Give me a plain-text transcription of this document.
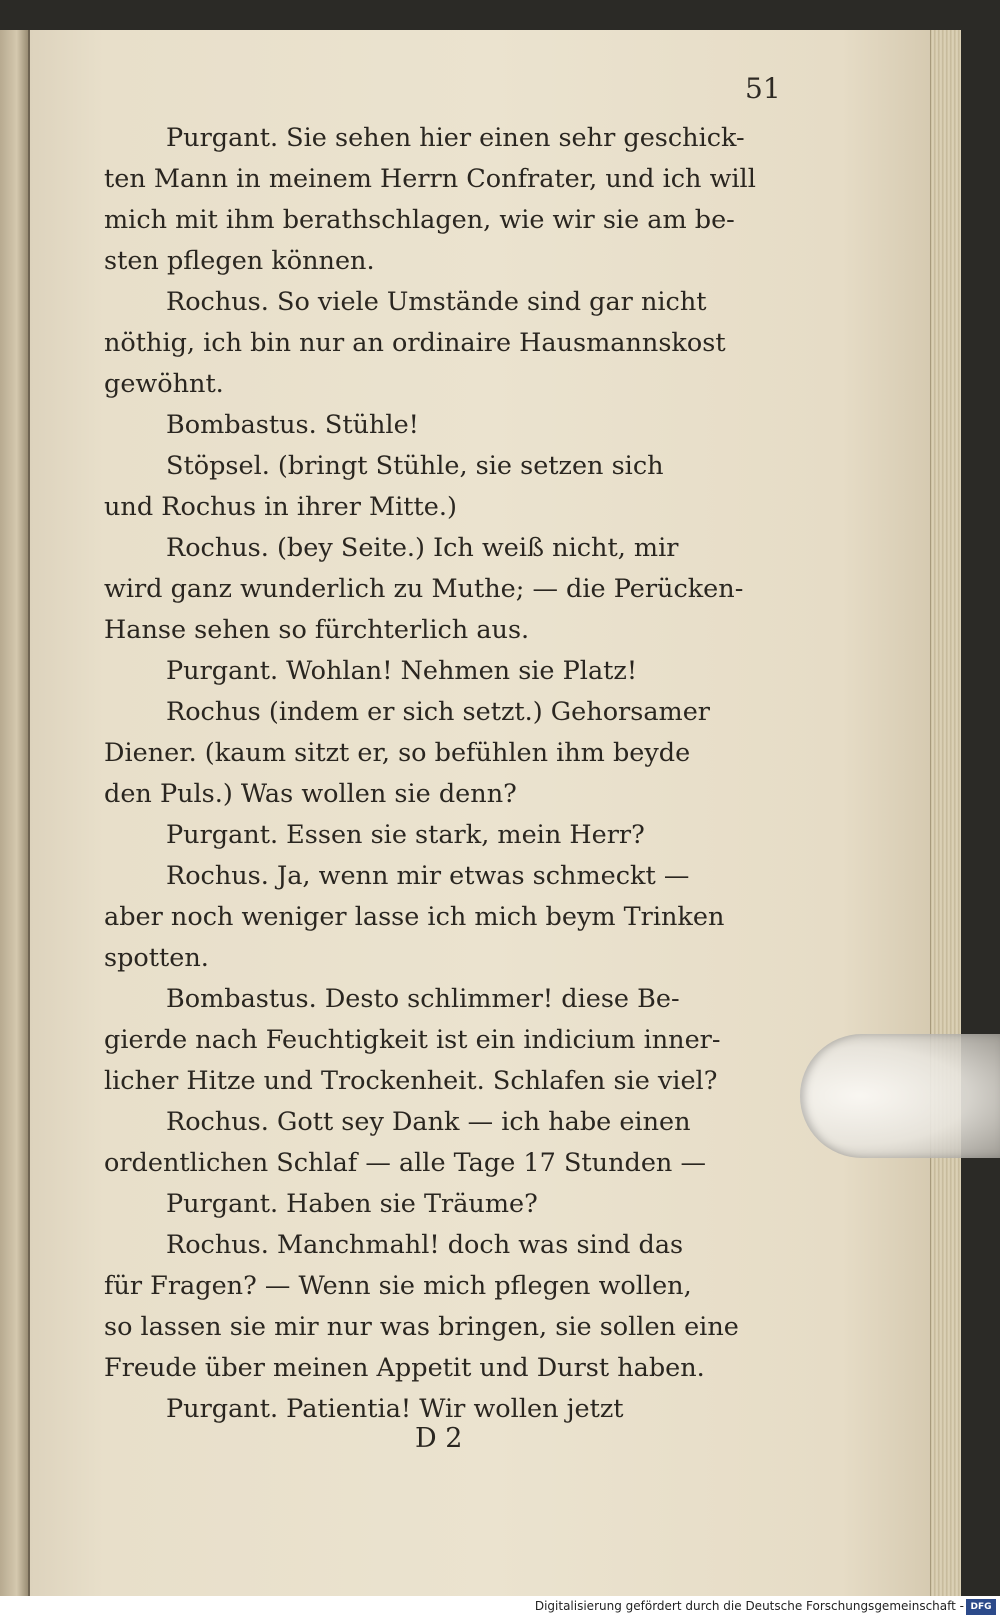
51
Purgant. Sie sehen hier einen sehr geschick-
ten Mann in meinem Herrn Confrater, und ich will
mich mit ihm berathschlagen, wie wir sie am be-
sten pflegen können.
Rochus. So viele Umstände sind gar nicht
nöthig, ich bin nur an ordinaire Hausmannskost
gewöhnt.
Bombastus. Stühle!
Stöpsel. (bringt Stühle, sie setzen sich
und Rochus in ihrer Mitte.)
Rochus. (bey Seite.) Ich weiß nicht, mir
wird ganz wunderlich zu Muthe; — die Perücken-
Hanse sehen so fürchterlich aus.
Purgant. Wohlan! Nehmen sie Platz!
Rochus (indem er sich setzt.) Gehorsamer
Diener. (kaum sitzt er, so befühlen ihm beyde
den Puls.) Was wollen sie denn?
Purgant. Essen sie stark, mein Herr?
Rochus. Ja, wenn mir etwas schmeckt —
aber noch weniger lasse ich mich beym Trinken
spotten.
Bombastus. Desto schlimmer! diese Be-
gierde nach Feuchtigkeit ist ein indicium inner-
licher Hitze und Trockenheit. Schlafen sie viel?
Rochus. Gott sey Dank — ich habe einen
ordentlichen Schlaf — alle Tage 17 Stunden —
Purgant. Haben sie Träume?
Rochus. Manchmahl! doch was sind das
für Fragen? — Wenn sie mich pflegen wollen,
so lassen sie mir nur was bringen, sie sollen eine
Freude über meinen Appetit und Durst haben.
Purgant. Patientia! Wir wollen jetzt
D 2
Digitalisierung gefördert durch die Deutsche Forschungsgemeinschaft - DFG
